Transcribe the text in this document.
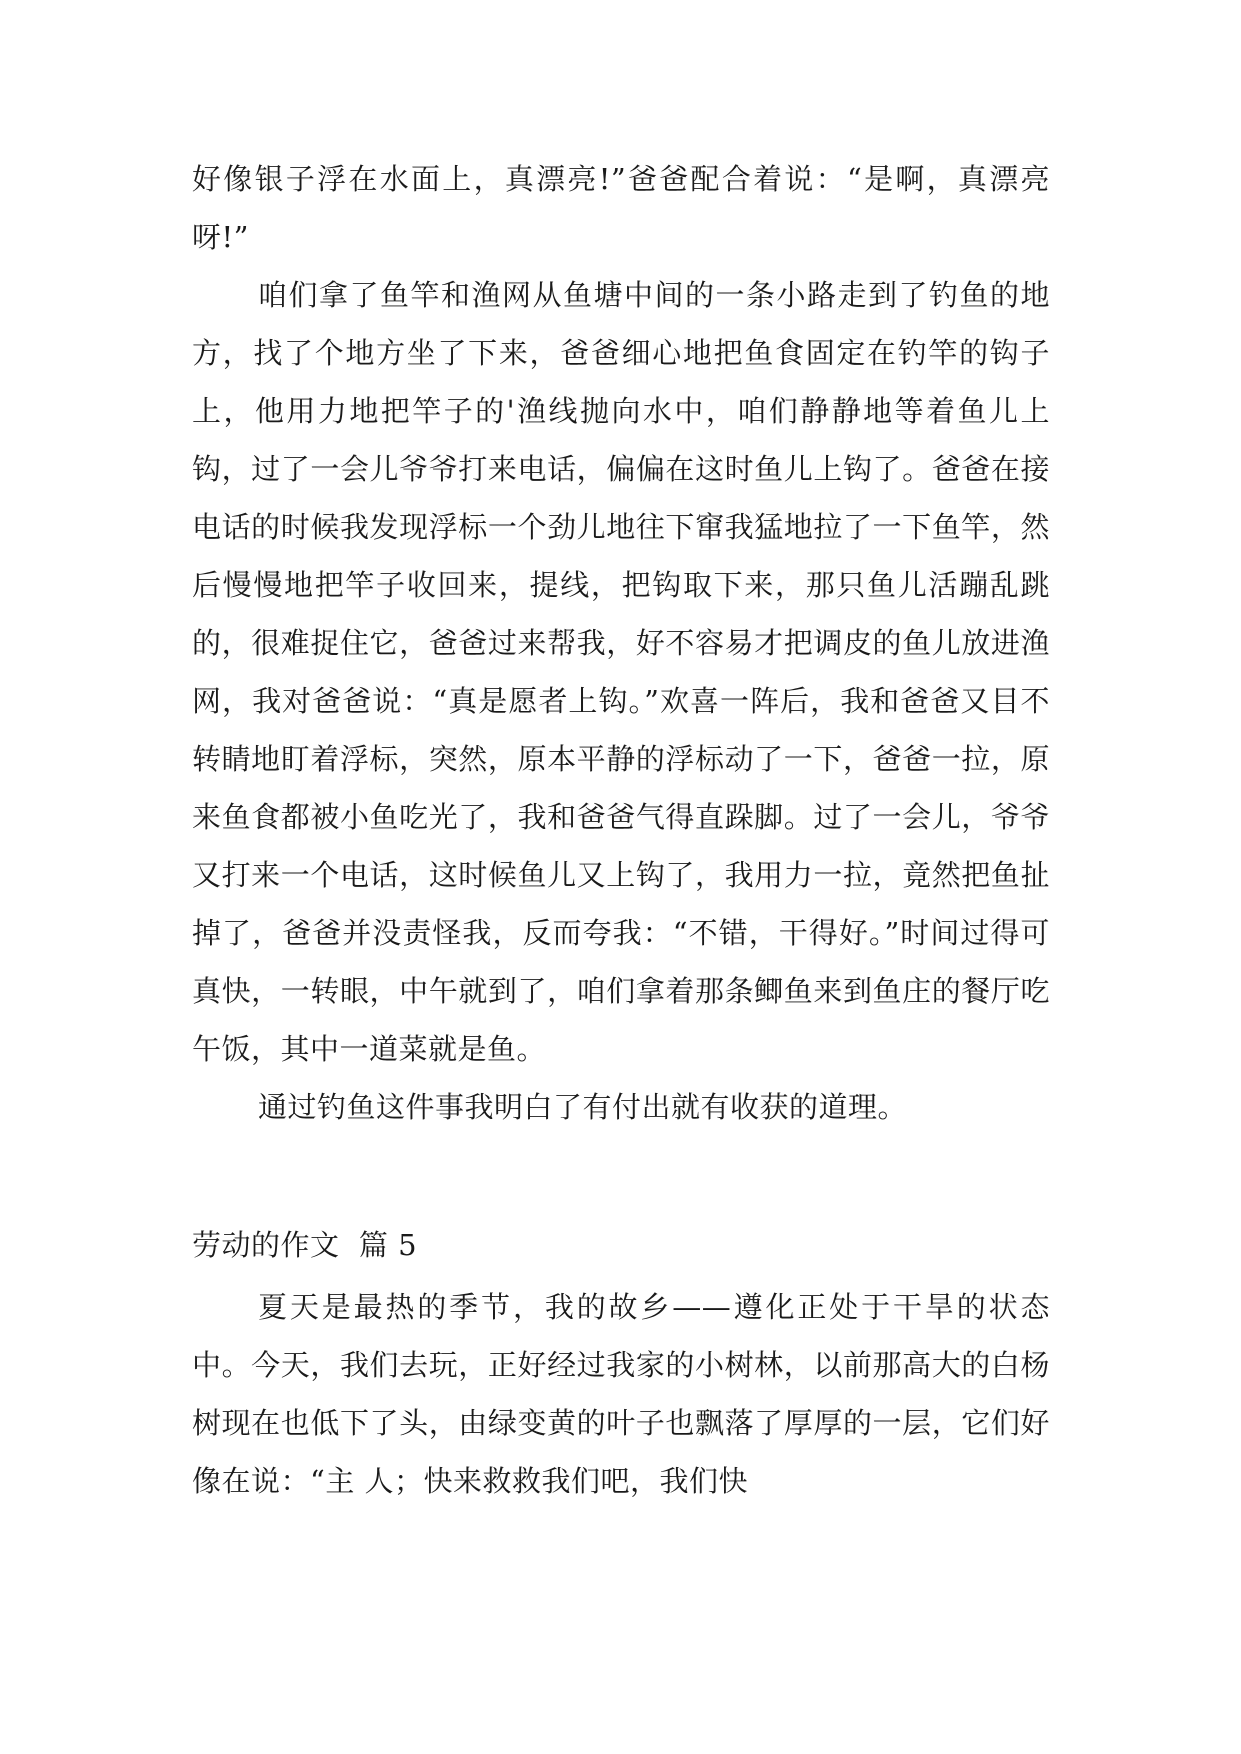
好像银子浮在水面上，真漂亮!”爸爸配合着说：“是啊，真漂亮呀!”

咱们拿了鱼竿和渔网从鱼塘中间的一条小路走到了钓鱼的地方，找了个地方坐了下来，爸爸细心地把鱼食固定在钓竿的钩子上，他用力地把竿子的'渔线抛向水中，咱们静静地等着鱼儿上钩，过了一会儿爷爷打来电话，偏偏在这时鱼儿上钩了。爸爸在接电话的时候我发现浮标一个劲儿地往下窜我猛地拉了一下鱼竿，然后慢慢地把竿子收回来，提线，把钩取下来，那只鱼儿活蹦乱跳的，很难捉住它，爸爸过来帮我，好不容易才把调皮的鱼儿放进渔网，我对爸爸说：“真是愿者上钩。”欢喜一阵后，我和爸爸又目不转睛地盯着浮标，突然，原本平静的浮标动了一下，爸爸一拉，原来鱼食都被小鱼吃光了，我和爸爸气得直跺脚。过了一会儿，爷爷又打来一个电话，这时候鱼儿又上钩了，我用力一拉，竟然把鱼扯掉了，爸爸并没责怪我，反而夸我：“不错，干得好。”时间过得可真快，一转眼，中午就到了，咱们拿着那条鲫鱼来到鱼庄的餐厅吃午饭，其中一道菜就是鱼。

通过钓鱼这件事我明白了有付出就有收获的道理。

劳动的作文  篇 5

夏天是最热的季节，我的故乡——遵化正处于干旱的状态中。今天，我们去玩，正好经过我家的小树林，以前那高大的白杨树现在也低下了头，由绿变黄的叶子也飘落了厚厚的一层，它们好像在说：“主 人；快来救救我们吧，我们快
